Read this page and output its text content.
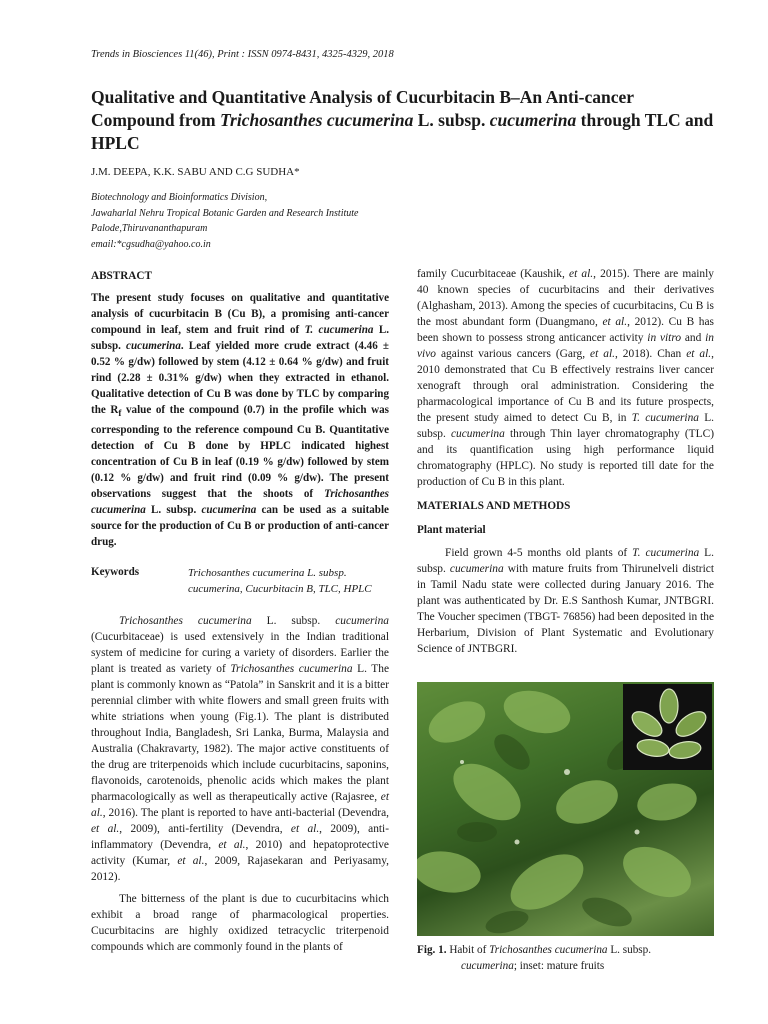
Trends in Biosciences 11(46), Print : ISSN 0974-8431, 4325-4329, 2018
Qualitative and Quantitative Analysis of Cucurbitacin B–An Anti-cancer Compound from Trichosanthes cucumerina L. subsp. cucumerina through TLC and HPLC
J.M. DEEPA, K.K. SABU AND C.G SUDHA*
Biotechnology and Bioinformatics Division,
Jawaharlal Nehru Tropical Botanic Garden and Research Institute
Palode,Thiruvananthapuram
email:*cgsudha@yahoo.co.in
ABSTRACT
The present study focuses on qualitative and quantitative analysis of cucurbitacin B (Cu B), a promising anti-cancer compound in leaf, stem and fruit rind of T. cucumerina L. subsp. cucumerina. Leaf yielded more crude extract (4.46 ± 0.52 % g/dw) followed by stem (4.12 ± 0.64 % g/dw) and fruit rind (2.28 ± 0.31% g/dw) when they extracted in ethanol. Qualitative detection of Cu B was done by TLC by comparing the $R_f$ value of the compound (0.7) in the profile which was corresponding to the reference compound Cu B. Quantitative detection of Cu B done by HPLC indicated highest concentration of Cu B in leaf (0.19 % g/dw) followed by stem (0.12 % g/dw) and fruit rind (0.09 % g/dw). The present observations suggest that the shoots of Trichosanthes cucumerina L. subsp. cucumerina can be used as a suitable source for the production of Cu B or production of anti-cancer drug.
Keywords	Trichosanthes cucumerina L. subsp. cucumerina, Cucurbitacin B, TLC, HPLC

Trichosanthes cucumerina L. subsp. cucumerina (Cucurbitaceae) is used extensively in the Indian traditional system of medicine for curing a variety of disorders. Earlier the plant is treated as variety of Trichosanthes cucumerina L. The plant is commonly known as “Patola” in Sanskrit and it is a bitter perennial climber with white flowers and small green fruits with white striations when young (Fig.1). The plant is distributed throughout India, Bangladesh, Sri Lanka, Burma, Malaysia and Australia (Chakravarty, 1982). The major active constituents of the drug are triterpenoids which include cucurbitacins, saponins, flavonoids, carotenoids, phenolic acids which makes the plant pharmacologically as well as therapeutically active (Rajasree, et al., 2016). The plant is reported to have anti-bacterial (Devendra, et al., 2009), anti-fertility (Devendra, et al., 2009), anti-inflammatory (Devendra, et al., 2010) and hepatoprotective activity (Kumar, et al., 2009, Rajasekaran and Periyasamy, 2012).

The bitterness of the plant is due to cucurbitacins which exhibit a broad range of pharmacological properties. Cucurbitacins are highly oxidized tetracyclic triterpenoid compounds which are commonly found in the plants of

family Cucurbitaceae (Kaushik, et al., 2015). There are mainly 40 known species of cucurbitacins and their derivatives (Alghasham, 2013). Among the species of cucurbitacins, Cu B is the most abundant form (Duangmano, et al., 2012). Cu B has been shown to possess strong anticancer activity in vitro and in vivo against various cancers (Garg, et al., 2018). Chan et al., 2010 demonstrated that Cu B effectively restrains liver cancer xenograft through oral administration. Considering the pharmacological importance of Cu B and its future prospects, the present study aimed to detect Cu B, in T. cucumerina L. subsp. cucumerina through Thin layer chromatography (TLC) and its quantification using high performance liquid chromatography (HPLC). No study is reported till date for the production of Cu B in this plant.
MATERIALS AND METHODS
Plant material

Field grown 4-5 months old plants of T. cucumerina L. subsp. cucumerina with mature fruits from Thirunelveli district in Tamil Nadu state were collected during January 2016. The plant was authenticated by Dr. E.S Santhosh Kumar, JNTBGRI. The Voucher specimen (TBGT- 76856) had been deposited in the Herbarium, Division of Plant Systematic and Evolutionary Science of JNTBGRI.

Fig. 1. Habit of Trichosanthes cucumerina L. subsp.
cucumerina; inset: mature fruits
